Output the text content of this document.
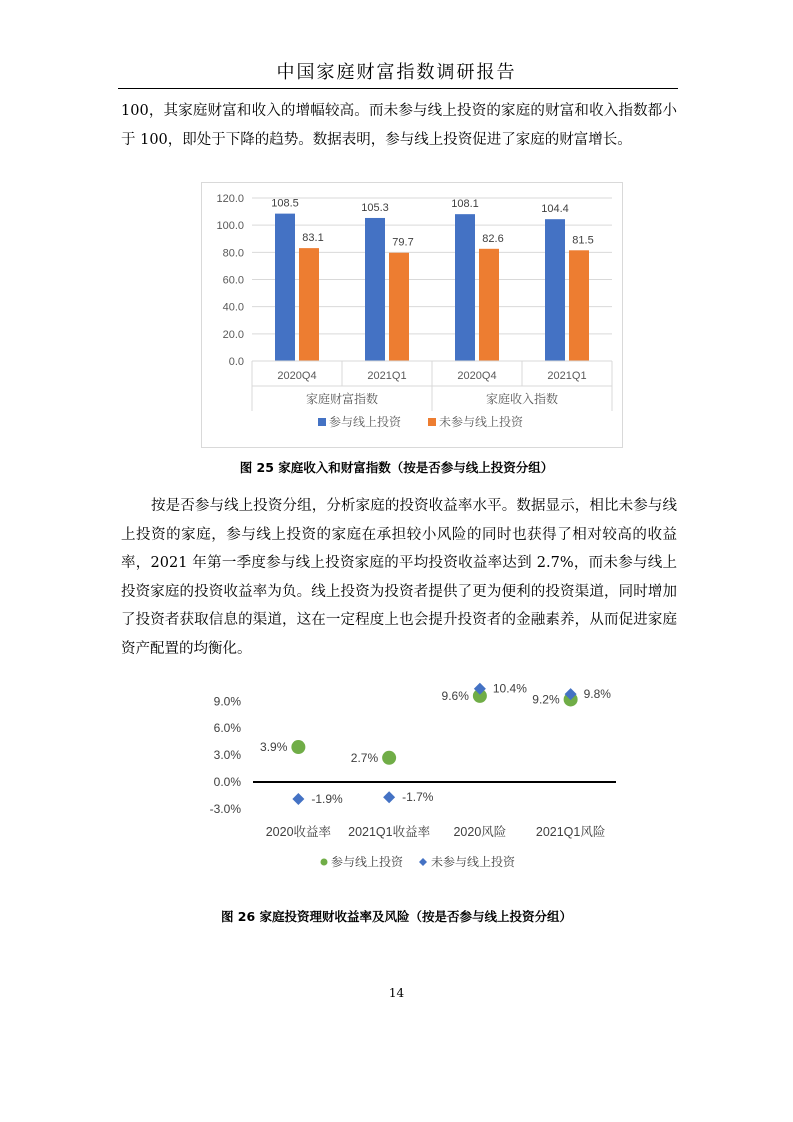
中国家庭财富指数调研报告

100，其家庭财富和收入的增幅较高。而未参与线上投资的家庭的财富和收入指数都小于 100，即处于下降的趋势。数据表明，参与线上投资促进了家庭的财富增长。

0.0
20.0
40.0
60.0
80.0
100.0
120.0 108.5
83.1
2020Q4
105.3
79.7
2021Q1
108.1
82.6
2020Q4
104.4
81.5
2021Q1
家庭财富指数	家庭收入指数
参与线上投资	未参与线上投资
图 25 家庭收入和财富指数（按是否参与线上投资分组）

按是否参与线上投资分组，分析家庭的投资收益率水平。数据显示，相比未参与线上投资的家庭，参与线上投资的家庭在承担较小风险的同时也获得了相对较高的收益率，2021 年第一季度参与线上投资家庭的平均投资收益率达到 2.7%，而未参与线上投资家庭的投资收益率为负。线上投资为投资者提供了更为便利的投资渠道，同时增加了投资者获取信息的渠道，这在一定程度上也会提升投资者的金融素养，从而促进家庭资产配置的均衡化。

-3.0%
0.0%
3.0%
6.0%
9.0%
2020收益率 2021Q1收益率 2020风险 2021Q1风险
3.9%
-1.9%
2.7%
-1.7%
9.6%
10.4%
9.2% 9.8%
参与线上投资 未参与线上投资
图 26 家庭投资理财收益率及风险（按是否参与线上投资分组）
14
